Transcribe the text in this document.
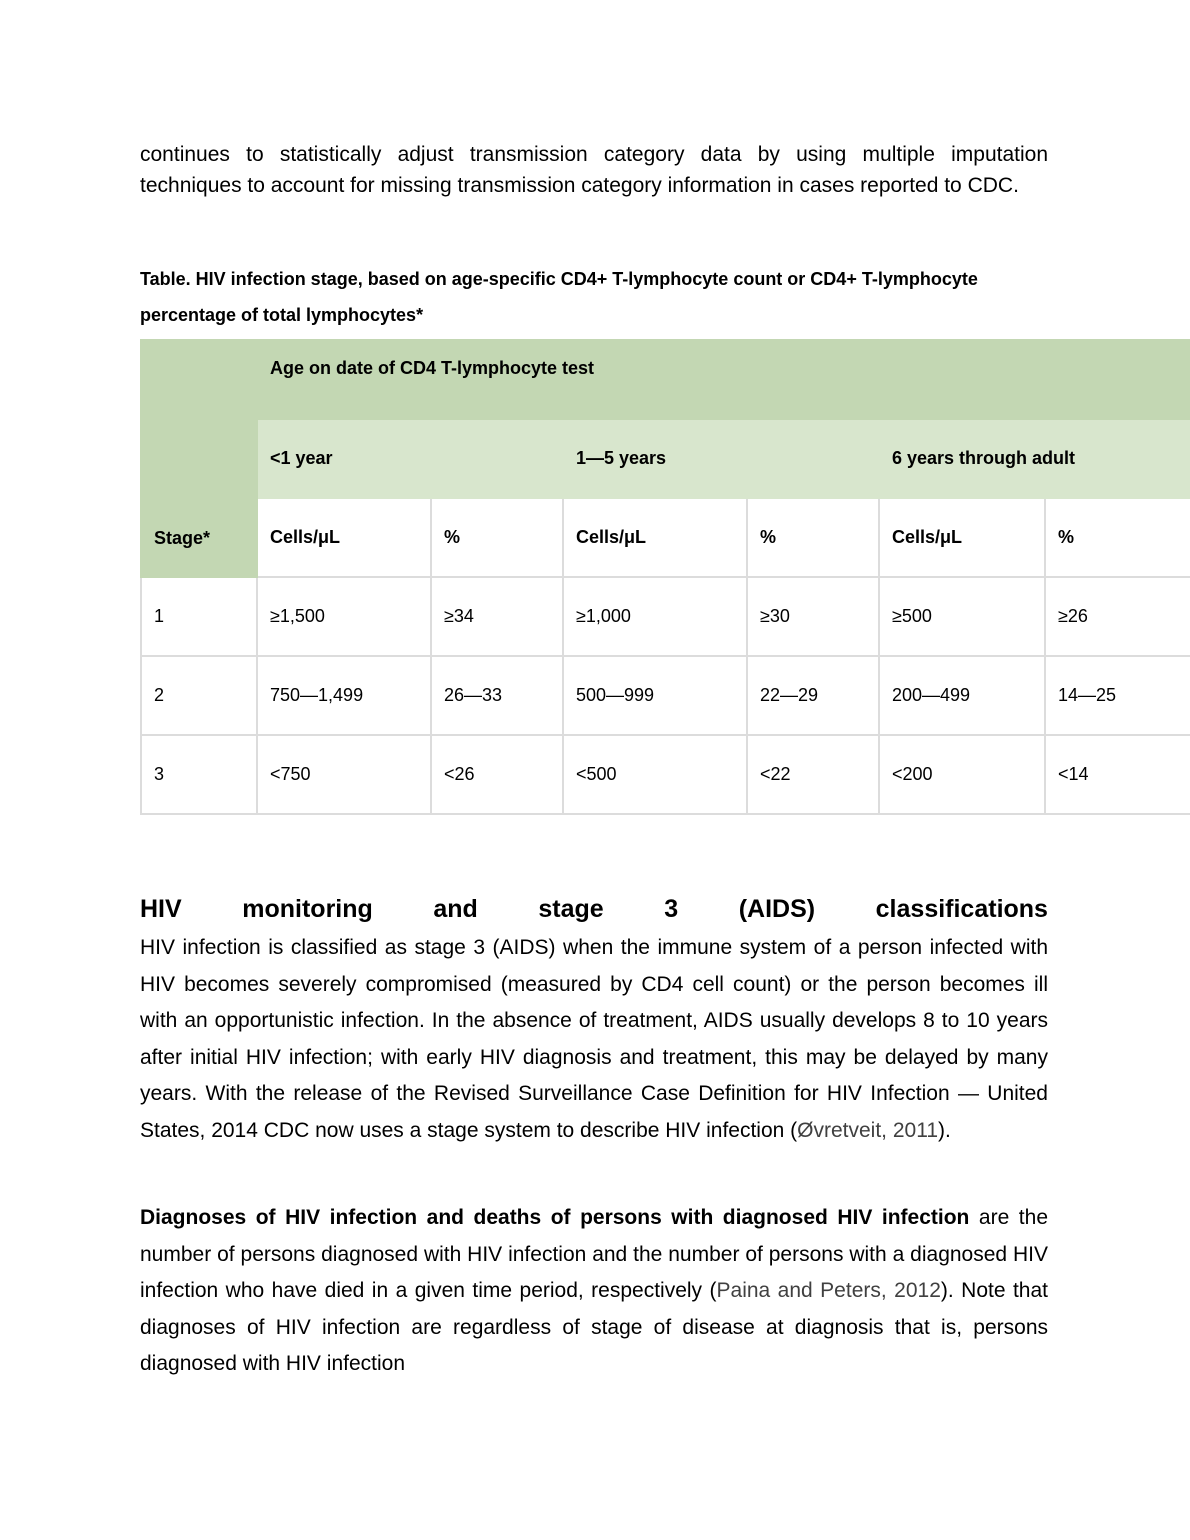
continues to statistically adjust transmission category data by using multiple imputation techniques to account for missing transmission category information in cases reported to CDC.

Table. HIV infection stage, based on age-specific CD4+ T-lymphocyte count or CD4+ T-lymphocyte percentage of total lymphocytes*

Stage*	Age on date of CD4 T-lymphocyte test					
	<1 year		1—5 years		6 years through adult	
	Cells/μL	%	Cells/μL	%	Cells/μL	%
1	≥1,500	≥34	≥1,000	≥30	≥500	≥26
2	750—1,499	26—33	500—999	22—29	200—499	14—25
3	<750	<26	<500	<22	<200	<14
HIV monitoring and stage 3 (AIDS) classifications

HIV infection is classified as stage 3 (AIDS) when the immune system of a person infected with HIV becomes severely compromised (measured by CD4 cell count) or the person becomes ill with an opportunistic infection. In the absence of treatment, AIDS usually develops 8 to 10 years after initial HIV infection; with early HIV diagnosis and treatment, this may be delayed by many years. With the release of the Revised Surveillance Case Definition for HIV Infection — United States, 2014 CDC now uses a stage system to describe HIV infection (Øvretveit, 2011).

Diagnoses of HIV infection and deaths of persons with diagnosed HIV infection are the number of persons diagnosed with HIV infection and the number of persons with a diagnosed HIV infection who have died in a given time period, respectively (Paina and Peters, 2012). Note that diagnoses of HIV infection are regardless of stage of disease at diagnosis that is, persons diagnosed with HIV infection
